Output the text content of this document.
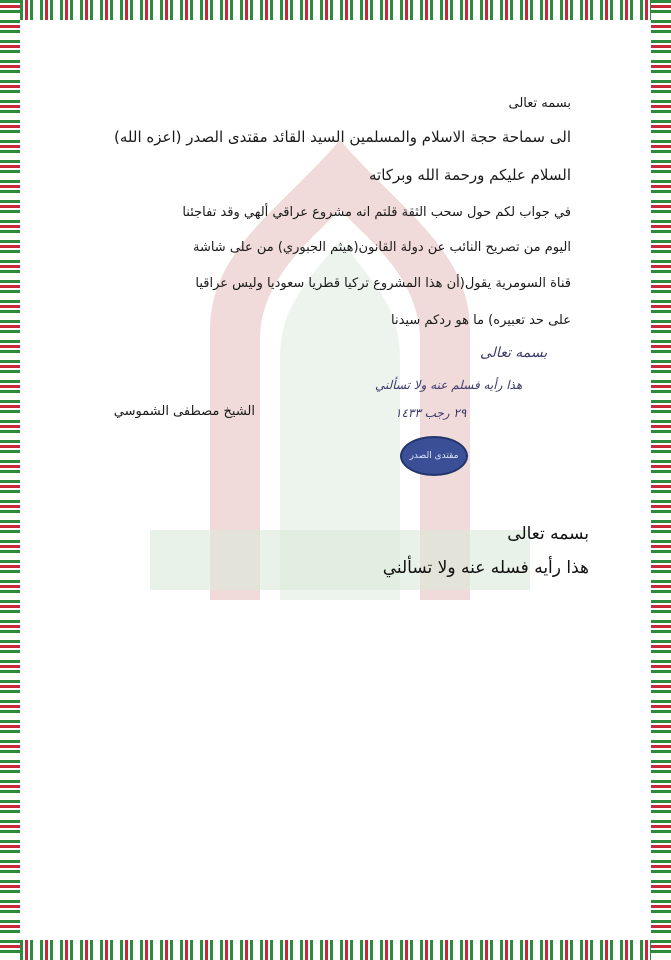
بسمه تعالى
الى سماحة حجة الاسلام والمسلمين السيد القائد مقتدى الصدر (اعزه الله)
السلام عليكم ورحمة الله وبركاته
في جواب لكم حول سحب الثقة قلتم انه مشروع عراقي ألهي وقد تفاجئنا
اليوم من تصريح النائب عن دولة القانون(هيثم الجبوري) من على شاشة
قناة السومرية يقول(أن هذا المشروع تركيا قطريا سعوديا وليس عراقيا
على حد تعبيره) ما هو ردكم سيدنا
بسمه تعالى
هذا رأيه فسلم عنه ولا تسألني
٢٩ رجب ١٤٣٣
الشيخ مصطفى الشموسي
مقتدى الصدر
بسمه تعالى
هذا رأيه فسله عنه ولا تسألني
